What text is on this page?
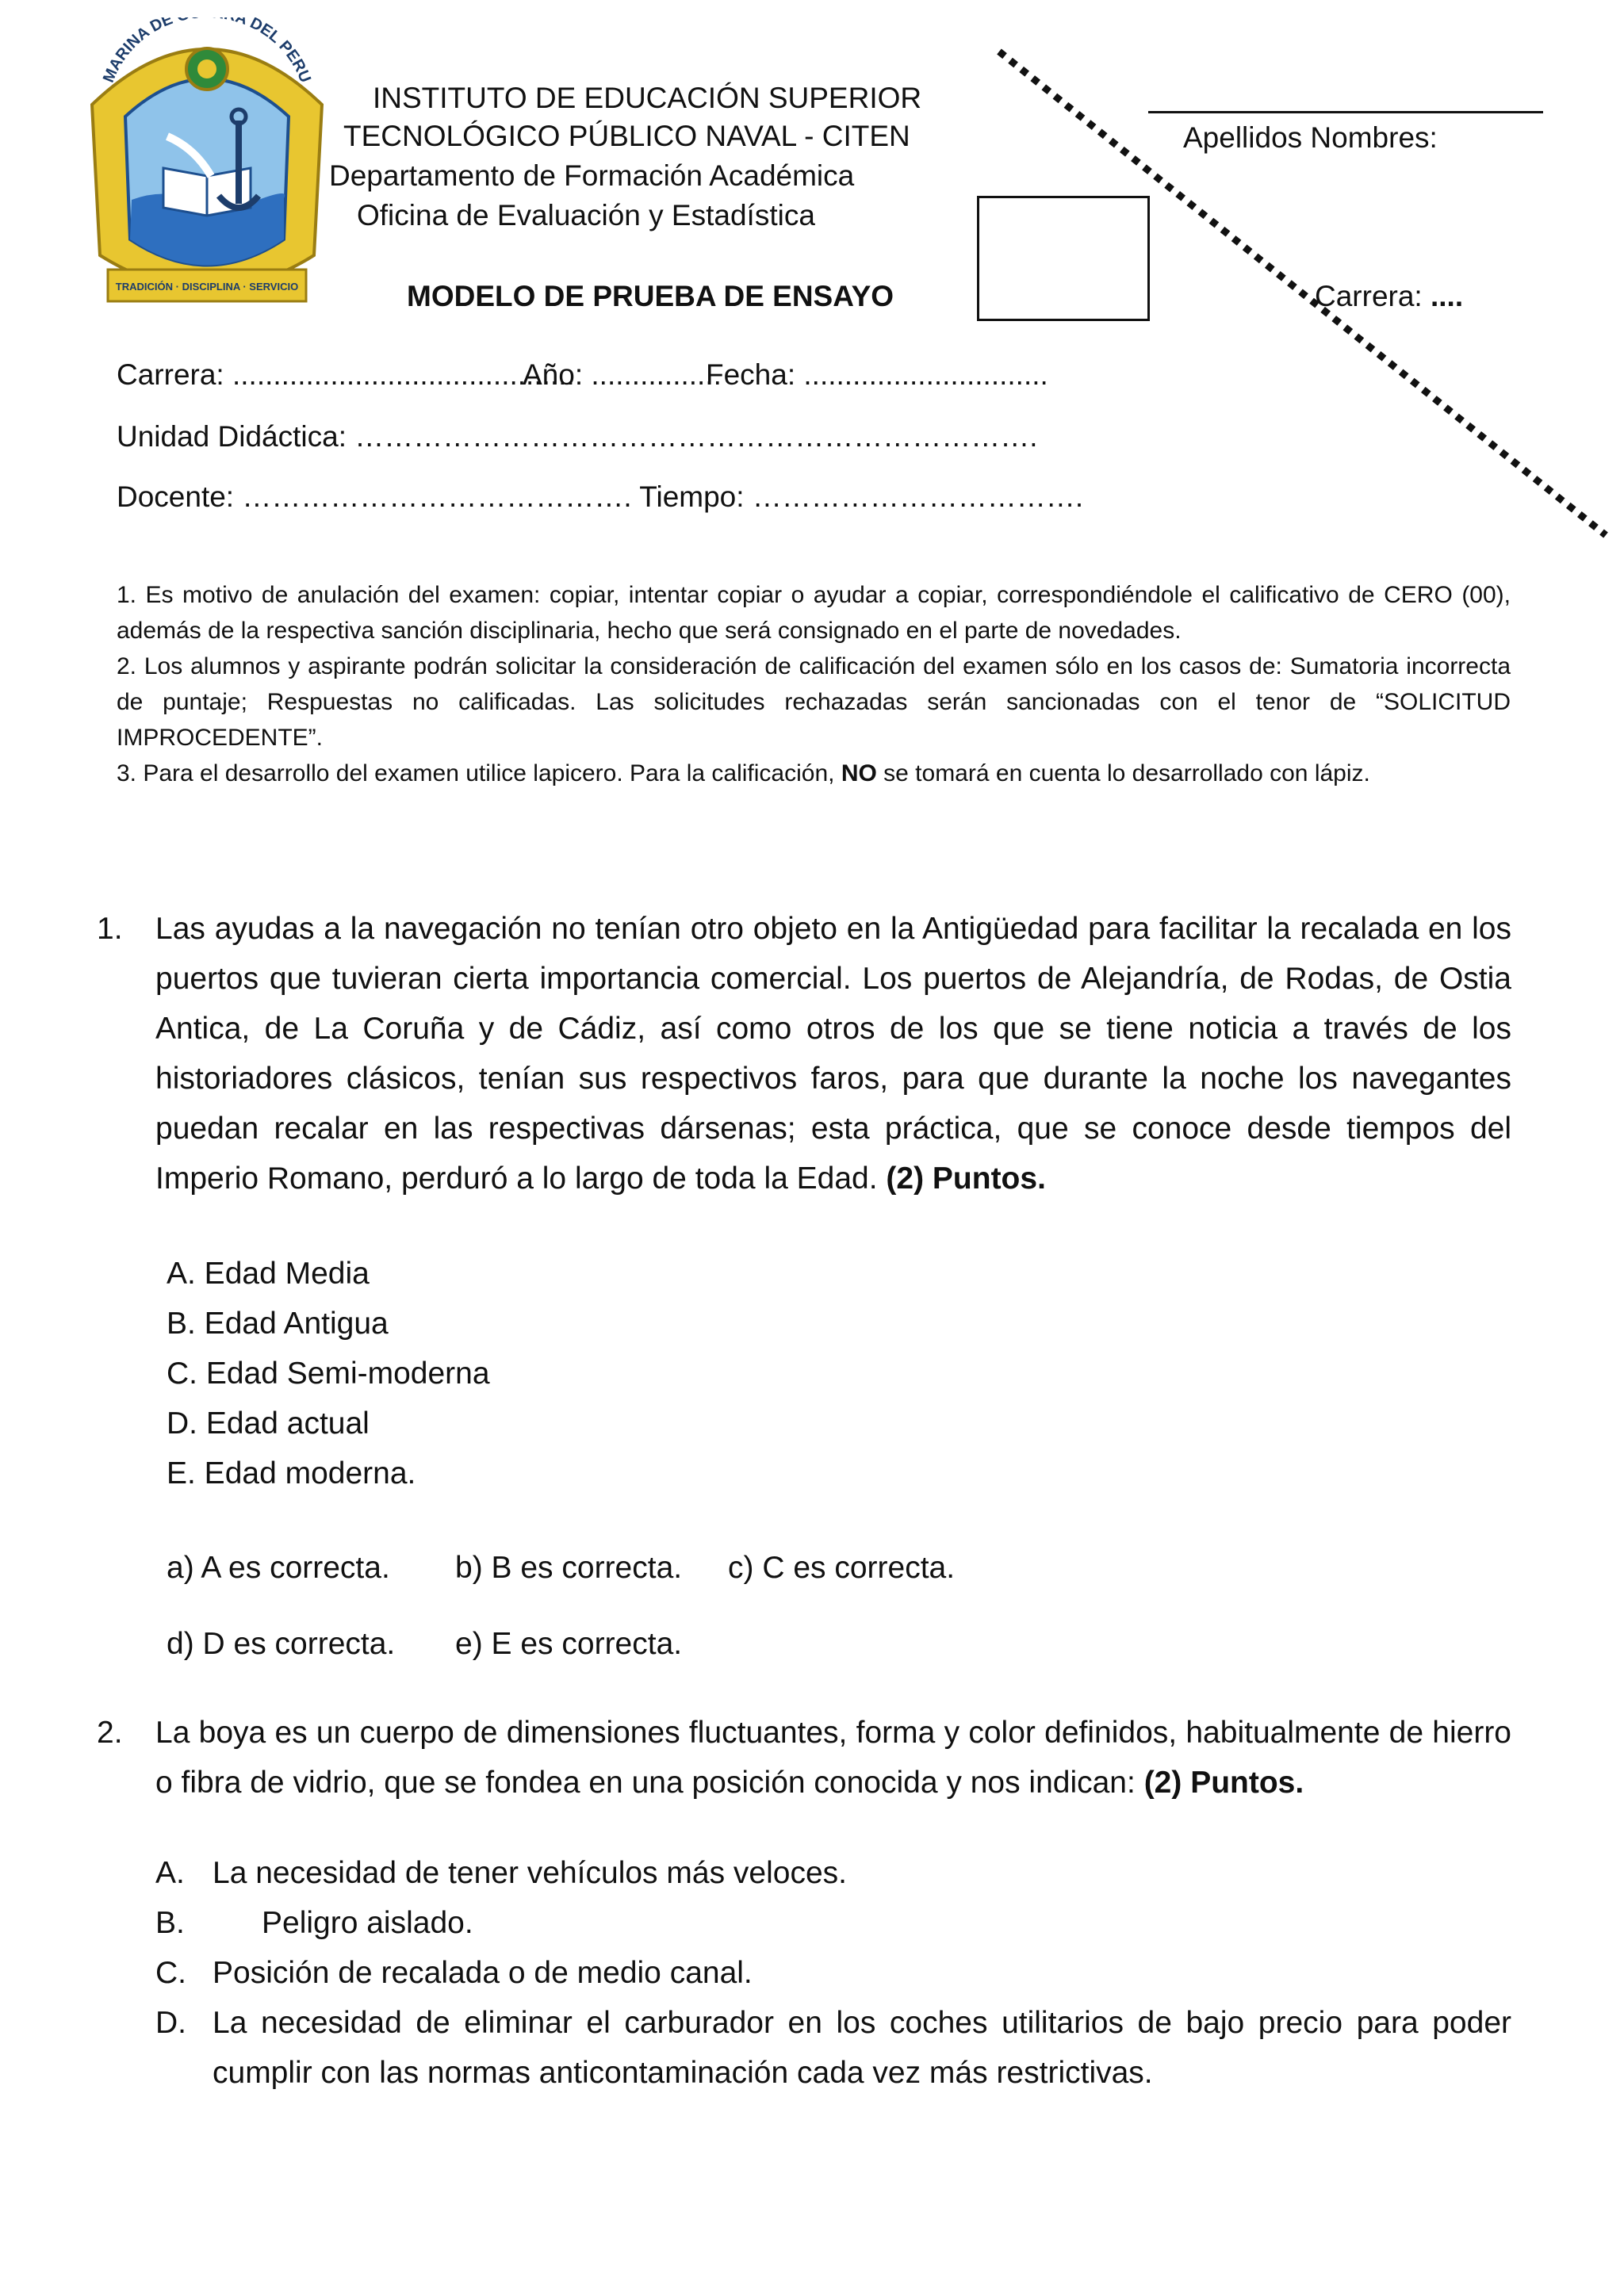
TRADICIÓN · DISCIPLINA · SERVICIO
MARINA DE A DEL PERU
INSTITUTO DE EDUCACIÓN SUPERIOR
TECNOLÓGICO PÚBLICO NAVAL - CITEN
Departamento de Formación Académica
Oficina de Evaluación y Estadística
MODELO DE PRUEBA DE ENSAYO
Apellidos Nombres:
Carrera: ....
Carrera: ..........................................
Año: ................
Fecha: ..............................
Unidad Didáctica: …………………………………………………………….
Docente: …………………………………. Tiempo: …………………………….

1. Es motivo de anulación del examen: copiar, intentar copiar o ayudar a copiar, correspondiéndole el calificativo de CERO (00), además de la respectiva sanción disciplinaria, hecho que será consignado en el parte de novedades.

2. Los alumnos y aspirante podrán solicitar la consideración de calificación del examen sólo en los casos de: Sumatoria incorrecta de puntaje; Respuestas no calificadas. Las solicitudes rechazadas serán sancionadas con el tenor de “SOLICITUD IMPROCEDENTE”.

3. Para el desarrollo del examen utilice lapicero. Para la calificación, NO se tomará en cuenta lo desarrollado con lápiz.

1. Las ayudas a la navegación no tenían otro objeto en la Antigüedad para facilitar la recalada en los puertos que tuvieran cierta importancia comercial. Los puertos de Alejandría, de Rodas, de Ostia Antica, de La Coruña y de Cádiz, así como otros de los que se tiene noticia a través de los historiadores clásicos, tenían sus respectivos faros, para que durante la noche los navegantes puedan recalar en las respectivas dársenas; esta práctica, que se conoce desde tiempos del Imperio Romano, perduró a lo largo de toda la Edad. (2) Puntos.
A. Edad Media
B. Edad Antigua
C. Edad Semi-moderna
D. Edad actual
E. Edad moderna.
a) A es correcta. b) B es correcta. c) C es correcta.
d) D es correcta. e) E es correcta.
2. La boya es un cuerpo de dimensiones fluctuantes, forma y color definidos, habitualmente de hierro o fibra de vidrio, que se fondea en una posición conocida y nos indican: (2) Puntos.
A. La necesidad de tener vehículos más veloces.
B. Peligro aislado.
C. Posición de recalada o de medio canal.
D. La necesidad de eliminar el carburador en los coches utilitarios de bajo precio para poder cumplir con las normas anticontaminación cada vez más restrictivas.
